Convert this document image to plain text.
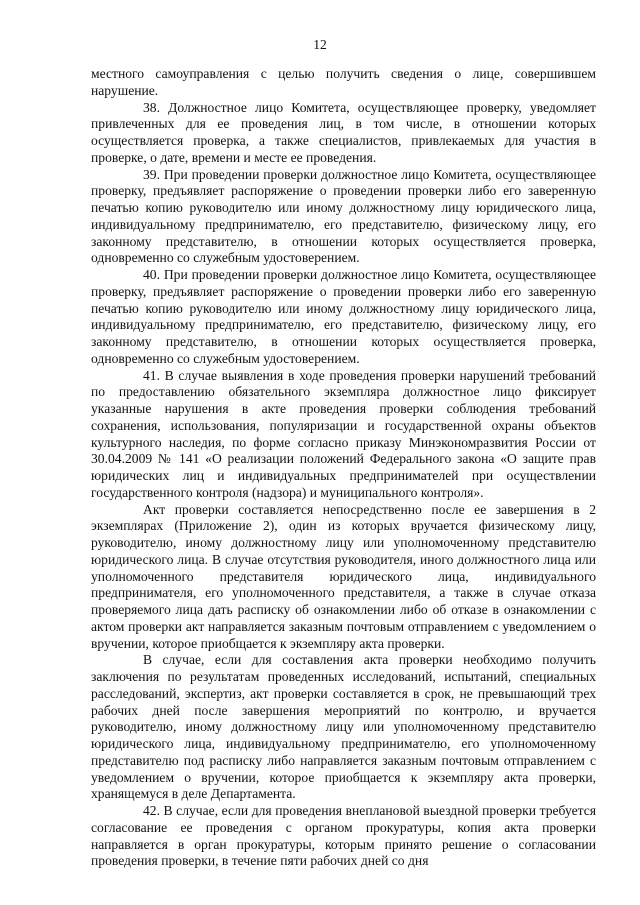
12

местного самоуправления с целью получить сведения о лице, совершившем нарушение.

38. Должностное лицо Комитета, осуществляющее проверку, уведомляет привлеченных для ее проведения лиц, в том числе, в отношении которых осуществляется проверка, а также специалистов, привлекаемых для участия в проверке, о дате, времени и месте ее проведения.

39. При проведении проверки должностное лицо Комитета, осуществляющее проверку, предъявляет распоряжение о проведении проверки либо его заверенную печатью копию руководителю или иному должностному лицу юридического лица, индивидуальному предпринимателю, его представителю, физическому лицу, его законному представителю, в отношении которых осуществляется проверка, одновременно со служебным удостоверением.

40. При проведении проверки должностное лицо Комитета, осуществляющее проверку, предъявляет распоряжение о проведении проверки либо его заверенную печатью копию руководителю или иному должностному лицу юридического лица, индивидуальному предпринимателю, его представителю, физическому лицу, его законному представителю, в отношении которых осуществляется проверка, одновременно со служебным удостоверением.

41. В случае выявления в ходе проведения проверки нарушений требований по предоставлению обязательного экземпляра должностное лицо фиксирует указанные нарушения в акте проведения проверки соблюдения требований сохранения, использования, популяризации и государственной охраны объектов культурного наследия, по форме согласно приказу Минэкономразвития России от 30.04.2009 № 141 «О реализации положений Федерального закона «О защите прав юридических лиц и индивидуальных предпринимателей при осуществлении государственного контроля (надзора) и муниципального контроля».

Акт проверки составляется непосредственно после ее завершения в 2 экземплярах (Приложение 2), один из которых вручается физическому лицу, руководителю, иному должностному лицу или уполномоченному представителю юридического лица. В случае отсутствия руководителя, иного должностного лица или уполномоченного представителя юридического лица, индивидуального предпринимателя, его уполномоченного представителя, а также в случае отказа проверяемого лица дать расписку об ознакомлении либо об отказе в ознакомлении с актом проверки акт направляется заказным почтовым отправлением с уведомлением о вручении, которое приобщается к экземпляру акта проверки.

В случае, если для составления акта проверки необходимо получить заключения по результатам проведенных исследований, испытаний, специальных расследований, экспертиз, акт проверки составляется в срок, не превышающий трех рабочих дней после завершения мероприятий по контролю, и вручается руководителю, иному должностному лицу или уполномоченному представителю юридического лица, индивидуальному предпринимателю, его уполномоченному представителю под расписку либо направляется заказным почтовым отправлением с уведомлением о вручении, которое приобщается к экземпляру акта проверки, хранящемуся в деле Департамента.

42. В случае, если для проведения внеплановой выездной проверки требуется согласование ее проведения с органом прокуратуры, копия акта проверки направляется в орган прокуратуры, которым принято решение о согласовании проведения проверки, в течение пяти рабочих дней со дня
